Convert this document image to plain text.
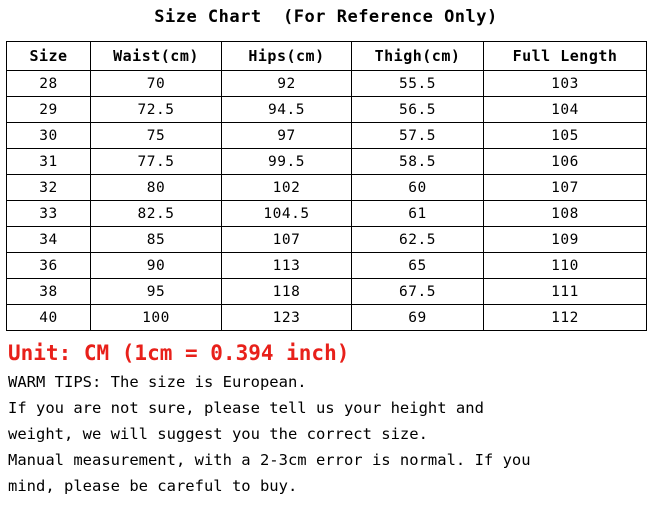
Size Chart  (For Reference Only)
Size	Waist(cm)	Hips(cm)	Thigh(cm)	Full Length
28	70	92	55.5	103
29	72.5	94.5	56.5	104
30	75	97	57.5	105
31	77.5	99.5	58.5	106
32	80	102	60	107
33	82.5	104.5	61	108
34	85	107	62.5	109
36	90	113	65	110
38	95	118	67.5	111
40	100	123	69	112
Unit: CM (1cm = 0.394 inch)

WARM TIPS: The size is European.

If you are not sure, please tell us your height and

weight, we will suggest you the correct size.

Manual measurement, with a 2-3cm error is normal. If you

mind, please be careful to buy.
